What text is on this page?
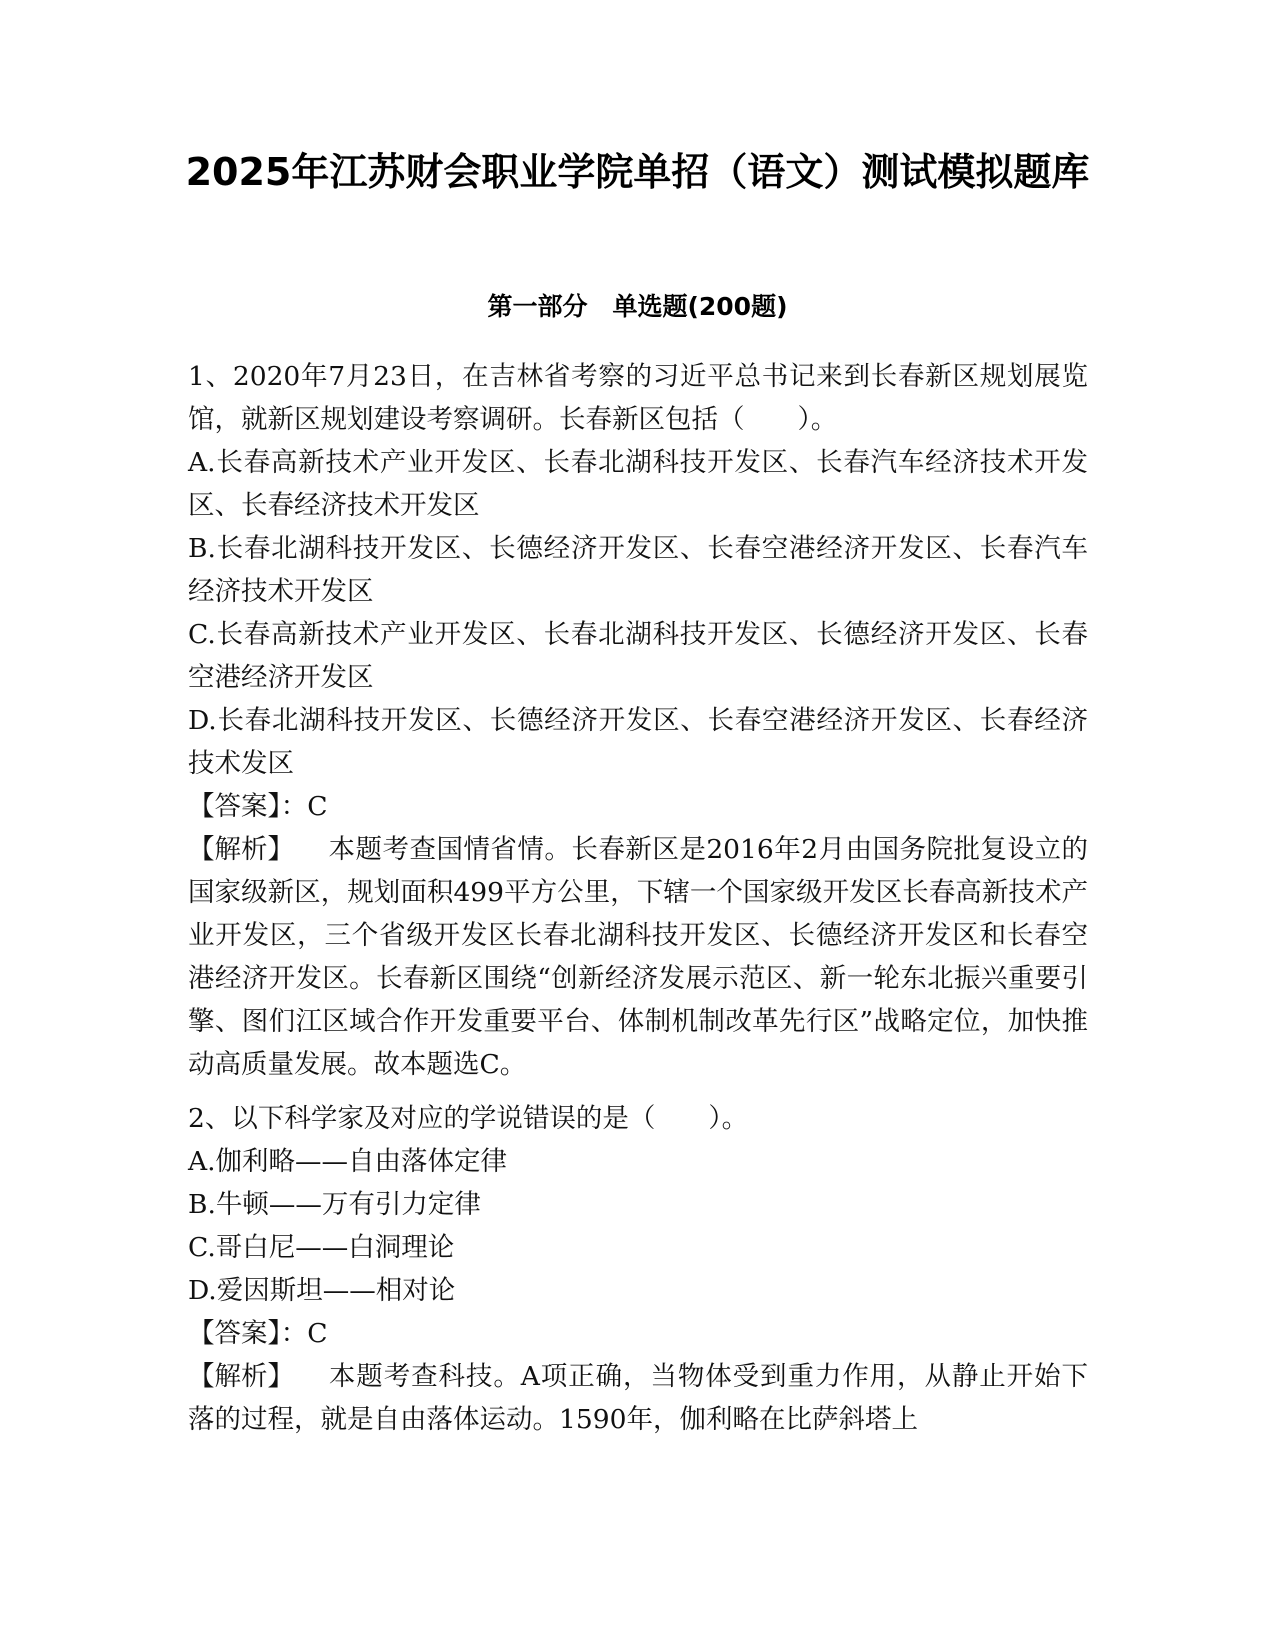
2025年江苏财会职业学院单招（语文）测试模拟题库
第一部分　单选题(200题)

1、2020年7月23日，在吉林省考察的习近平总书记来到长春新区规划展览馆，就新区规划建设考察调研。长春新区包括（　　）。

A.长春高新技术产业开发区、长春北湖科技开发区、长春汽车经济技术开发区、长春经济技术开发区

B.长春北湖科技开发区、长德经济开发区、长春空港经济开发区、长春汽车经济技术开发区

C.长春高新技术产业开发区、长春北湖科技开发区、长德经济开发区、长春空港经济开发区

D.长春北湖科技开发区、长德经济开发区、长春空港经济开发区、长春经济技术发区

【答案】：C

【解析】 本题考查国情省情。长春新区是2016年2月由国务院批复设立的国家级新区，规划面积499平方公里，下辖一个国家级开发区长春高新技术产业开发区，三个省级开发区长春北湖科技开发区、长德经济开发区和长春空港经济开发区。长春新区围绕“创新经济发展示范区、新一轮东北振兴重要引擎、图们江区域合作开发重要平台、体制机制改革先行区”战略定位，加快推动高质量发展。故本题选C。

2、以下科学家及对应的学说错误的是（　　）。

A.伽利略——自由落体定律

B.牛顿——万有引力定律

C.哥白尼——白洞理论

D.爱因斯坦——相对论

【答案】：C

【解析】 本题考查科技。A项正确，当物体受到重力作用，从静止开始下落的过程，就是自由落体运动。1590年，伽利略在比萨斜塔上
